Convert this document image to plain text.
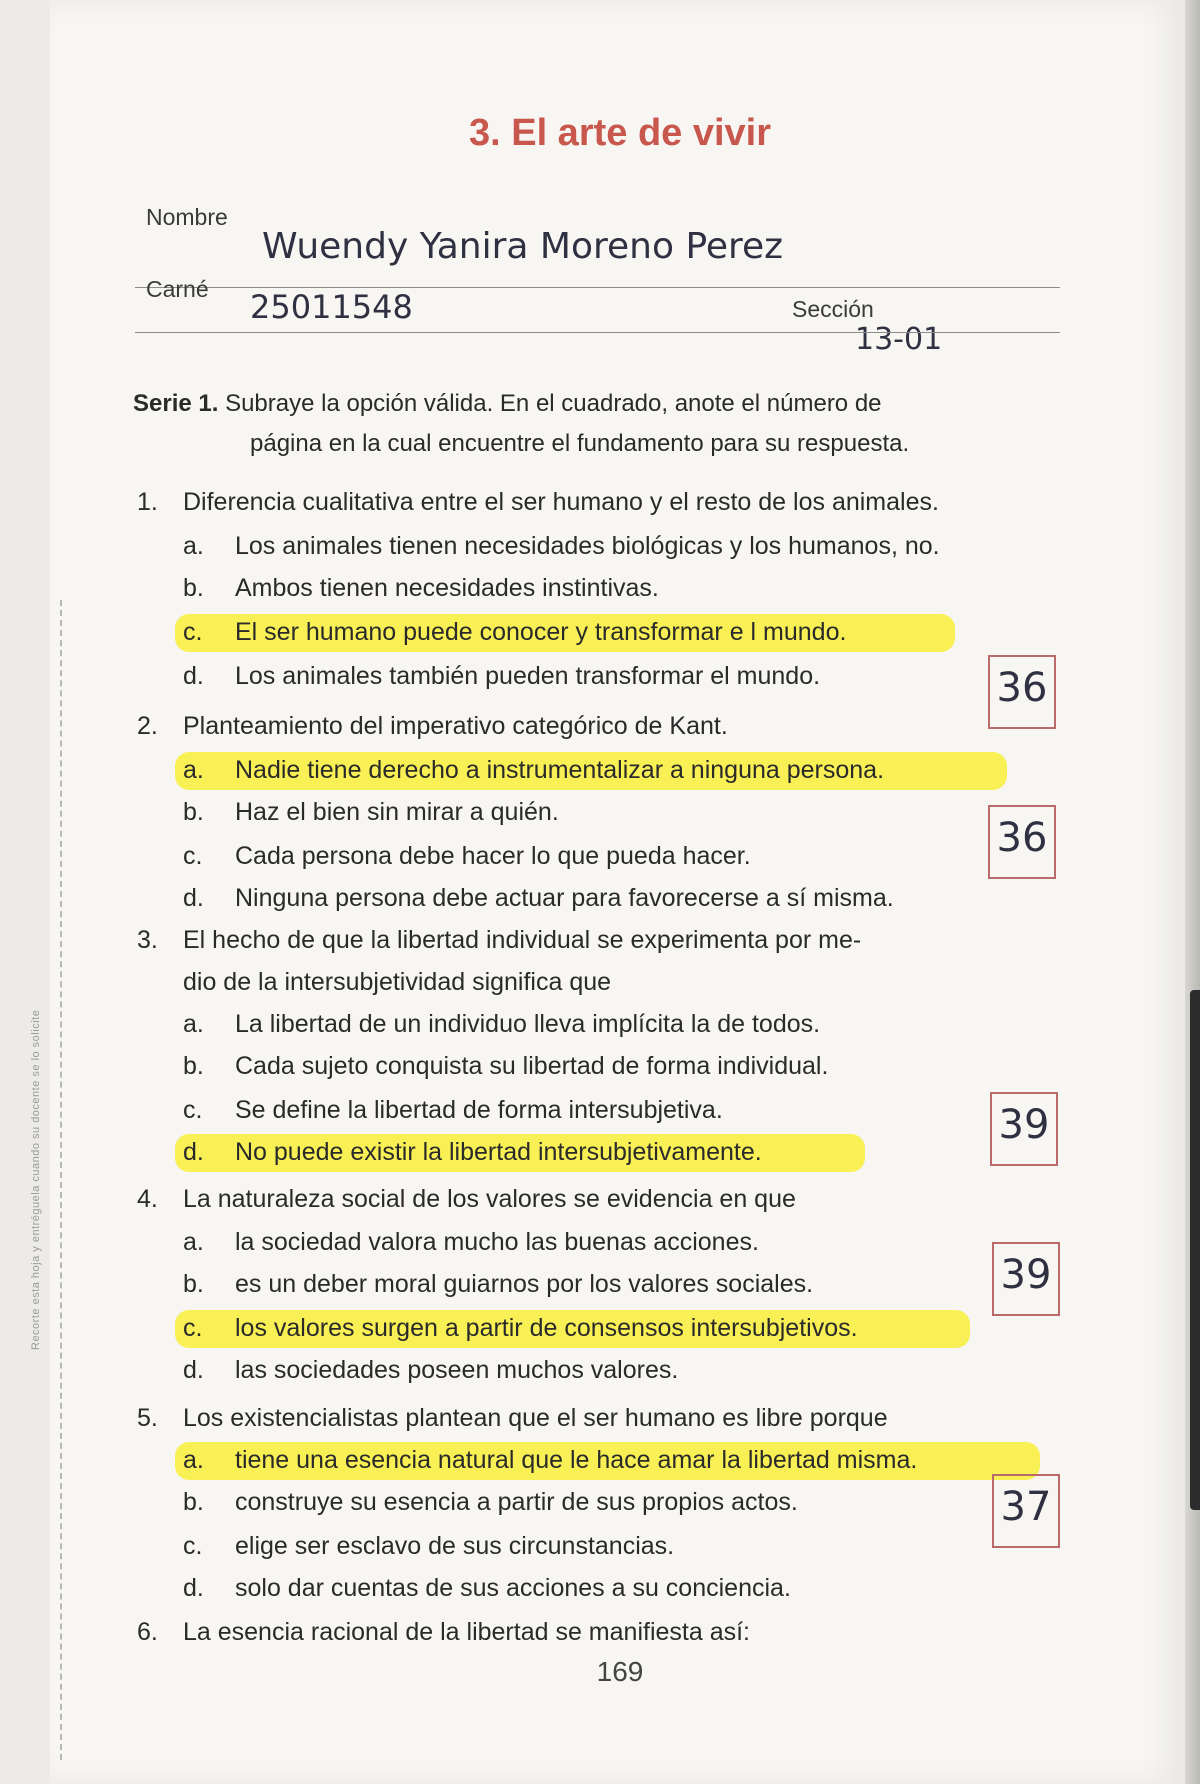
Recorte esta hoja y entréguela cuando su docente se lo solicite
3. El arte de vivir
Nombre
Wuendy Yanira Moreno Perez
Carné 25011548	Sección
13-01
Serie 1. Subraye la opción válida. En el cuadrado, anote el número de
página en la cual encuentre el fundamento para su respuesta.
1.	Diferencia cualitativa entre el ser humano y el resto de los animales.
a. Los animales tienen necesidades biológicas y los humanos, no.
b. Ambos tienen necesidades instintivas.
c. El ser humano puede conocer y transformar e l mundo.
d. Los animales también pueden transformar el mundo.	36
2.	Planteamiento del imperativo categórico de Kant.
a. Nadie tiene derecho a instrumentalizar a ninguna persona.
b. Haz el bien sin mirar a quién.
c. Cada persona debe hacer lo que pueda hacer.
d. Ninguna persona debe actuar para favorecerse a sí misma.
36
3.	El hecho de que la libertad individual se experimenta por me-
dio de la intersubjetividad significa que
a. La libertad de un individuo lleva implícita la de todos.
b. Cada sujeto conquista su libertad de forma individual.
c. Se define la libertad de forma intersubjetiva.
d. No puede existir la libertad intersubjetivamente.
39
4.	La naturaleza social de los valores se evidencia en que
a. la sociedad valora mucho las buenas acciones.
b. es un deber moral guiarnos por los valores sociales.
c. los valores surgen a partir de consensos intersubjetivos.
d. las sociedades poseen muchos valores.
39
5.	Los existencialistas plantean que el ser humano es libre porque
a. tiene una esencia natural que le hace amar la libertad misma.
b. construye su esencia a partir de sus propios actos.
c. elige ser esclavo de sus circunstancias.
d. solo dar cuentas de sus acciones a su conciencia.
37
6.	La esencia racional de la libertad se manifiesta así:
169
